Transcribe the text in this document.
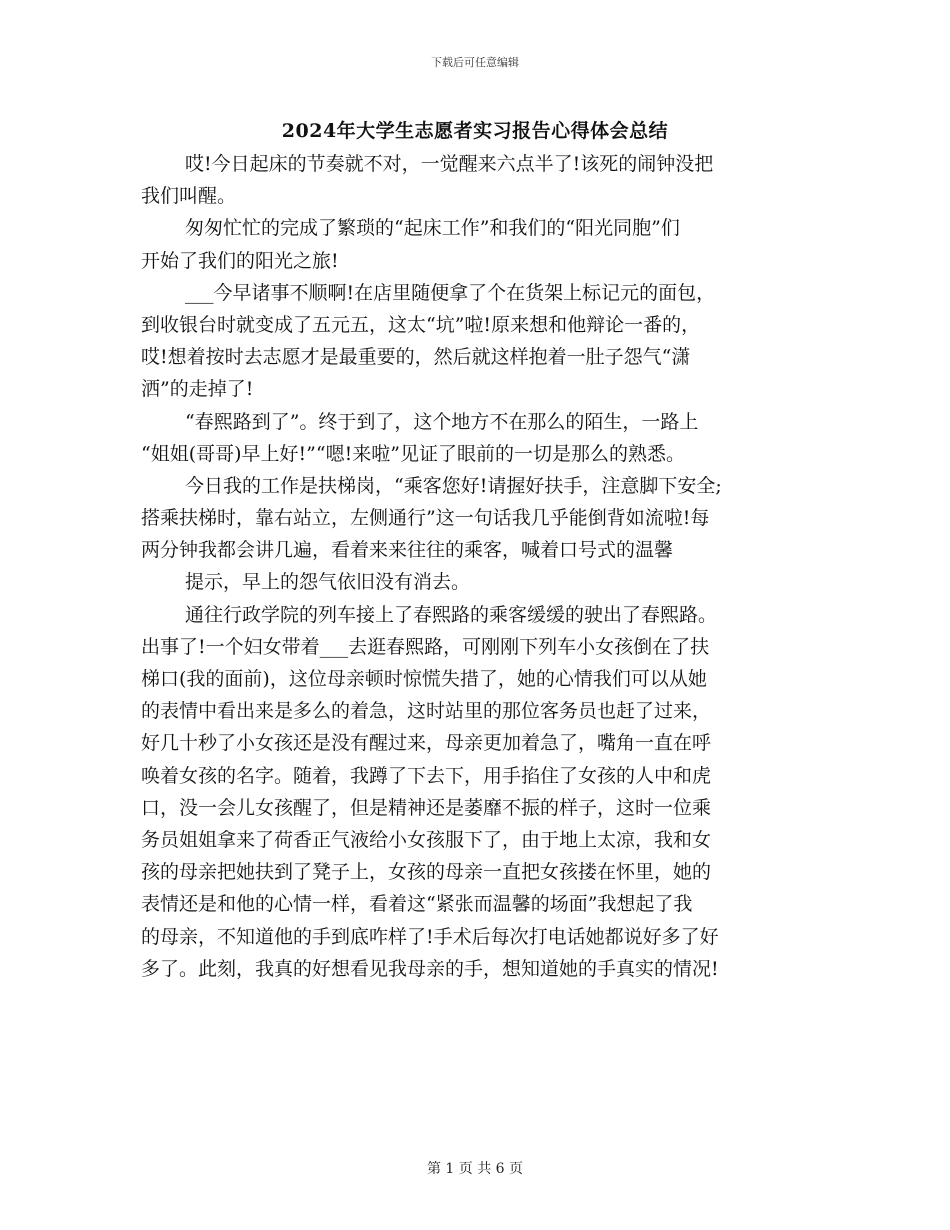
下载后可任意编辑
2024年大学生志愿者实习报告心得体会总结
哎!今日起床的节奏就不对，一觉醒来六点半了!该死的闹钟没把
我们叫醒。
匆匆忙忙的完成了繁琐的“起床工作”和我们的“阳光同胞”们
开始了我们的阳光之旅!
___今早诸事不顺啊!在店里随便拿了个在货架上标记元的面包，
到收银台时就变成了五元五，这太“坑”啦!原来想和他辩论一番的，
哎!想着按时去志愿才是最重要的，然后就这样抱着一肚子怨气“潇
洒”的走掉了!
“春熙路到了”。终于到了，这个地方不在那么的陌生，一路上
“姐姐(哥哥)早上好!”“嗯!来啦”见证了眼前的一切是那么的熟悉。
今日我的工作是扶梯岗，“乘客您好!请握好扶手，注意脚下安全;
搭乘扶梯时，靠右站立，左侧通行”这一句话我几乎能倒背如流啦!每
两分钟我都会讲几遍，看着来来往往的乘客，喊着口号式的温馨
提示，早上的怨气依旧没有消去。
通往行政学院的列车接上了春熙路的乘客缓缓的驶出了春熙路。
出事了!一个妇女带着___去逛春熙路，可刚刚下列车小女孩倒在了扶
梯口(我的面前)，这位母亲顿时惊慌失措了，她的心情我们可以从她
的表情中看出来是多么的着急，这时站里的那位客务员也赶了过来，
好几十秒了小女孩还是没有醒过来，母亲更加着急了，嘴角一直在呼
唤着女孩的名字。随着，我蹲了下去下，用手掐住了女孩的人中和虎
口，没一会儿女孩醒了，但是精神还是萎靡不振的样子，这时一位乘
务员姐姐拿来了荷香正气液给小女孩服下了，由于地上太凉，我和女
孩的母亲把她扶到了凳子上，女孩的母亲一直把女孩搂在怀里，她的
表情还是和他的心情一样，看着这“紧张而温馨的场面”我想起了我
的母亲，不知道他的手到底咋样了!手术后每次打电话她都说好多了好
多了。此刻，我真的好想看见我母亲的手，想知道她的手真实的情况!
第 1 页 共 6 页
